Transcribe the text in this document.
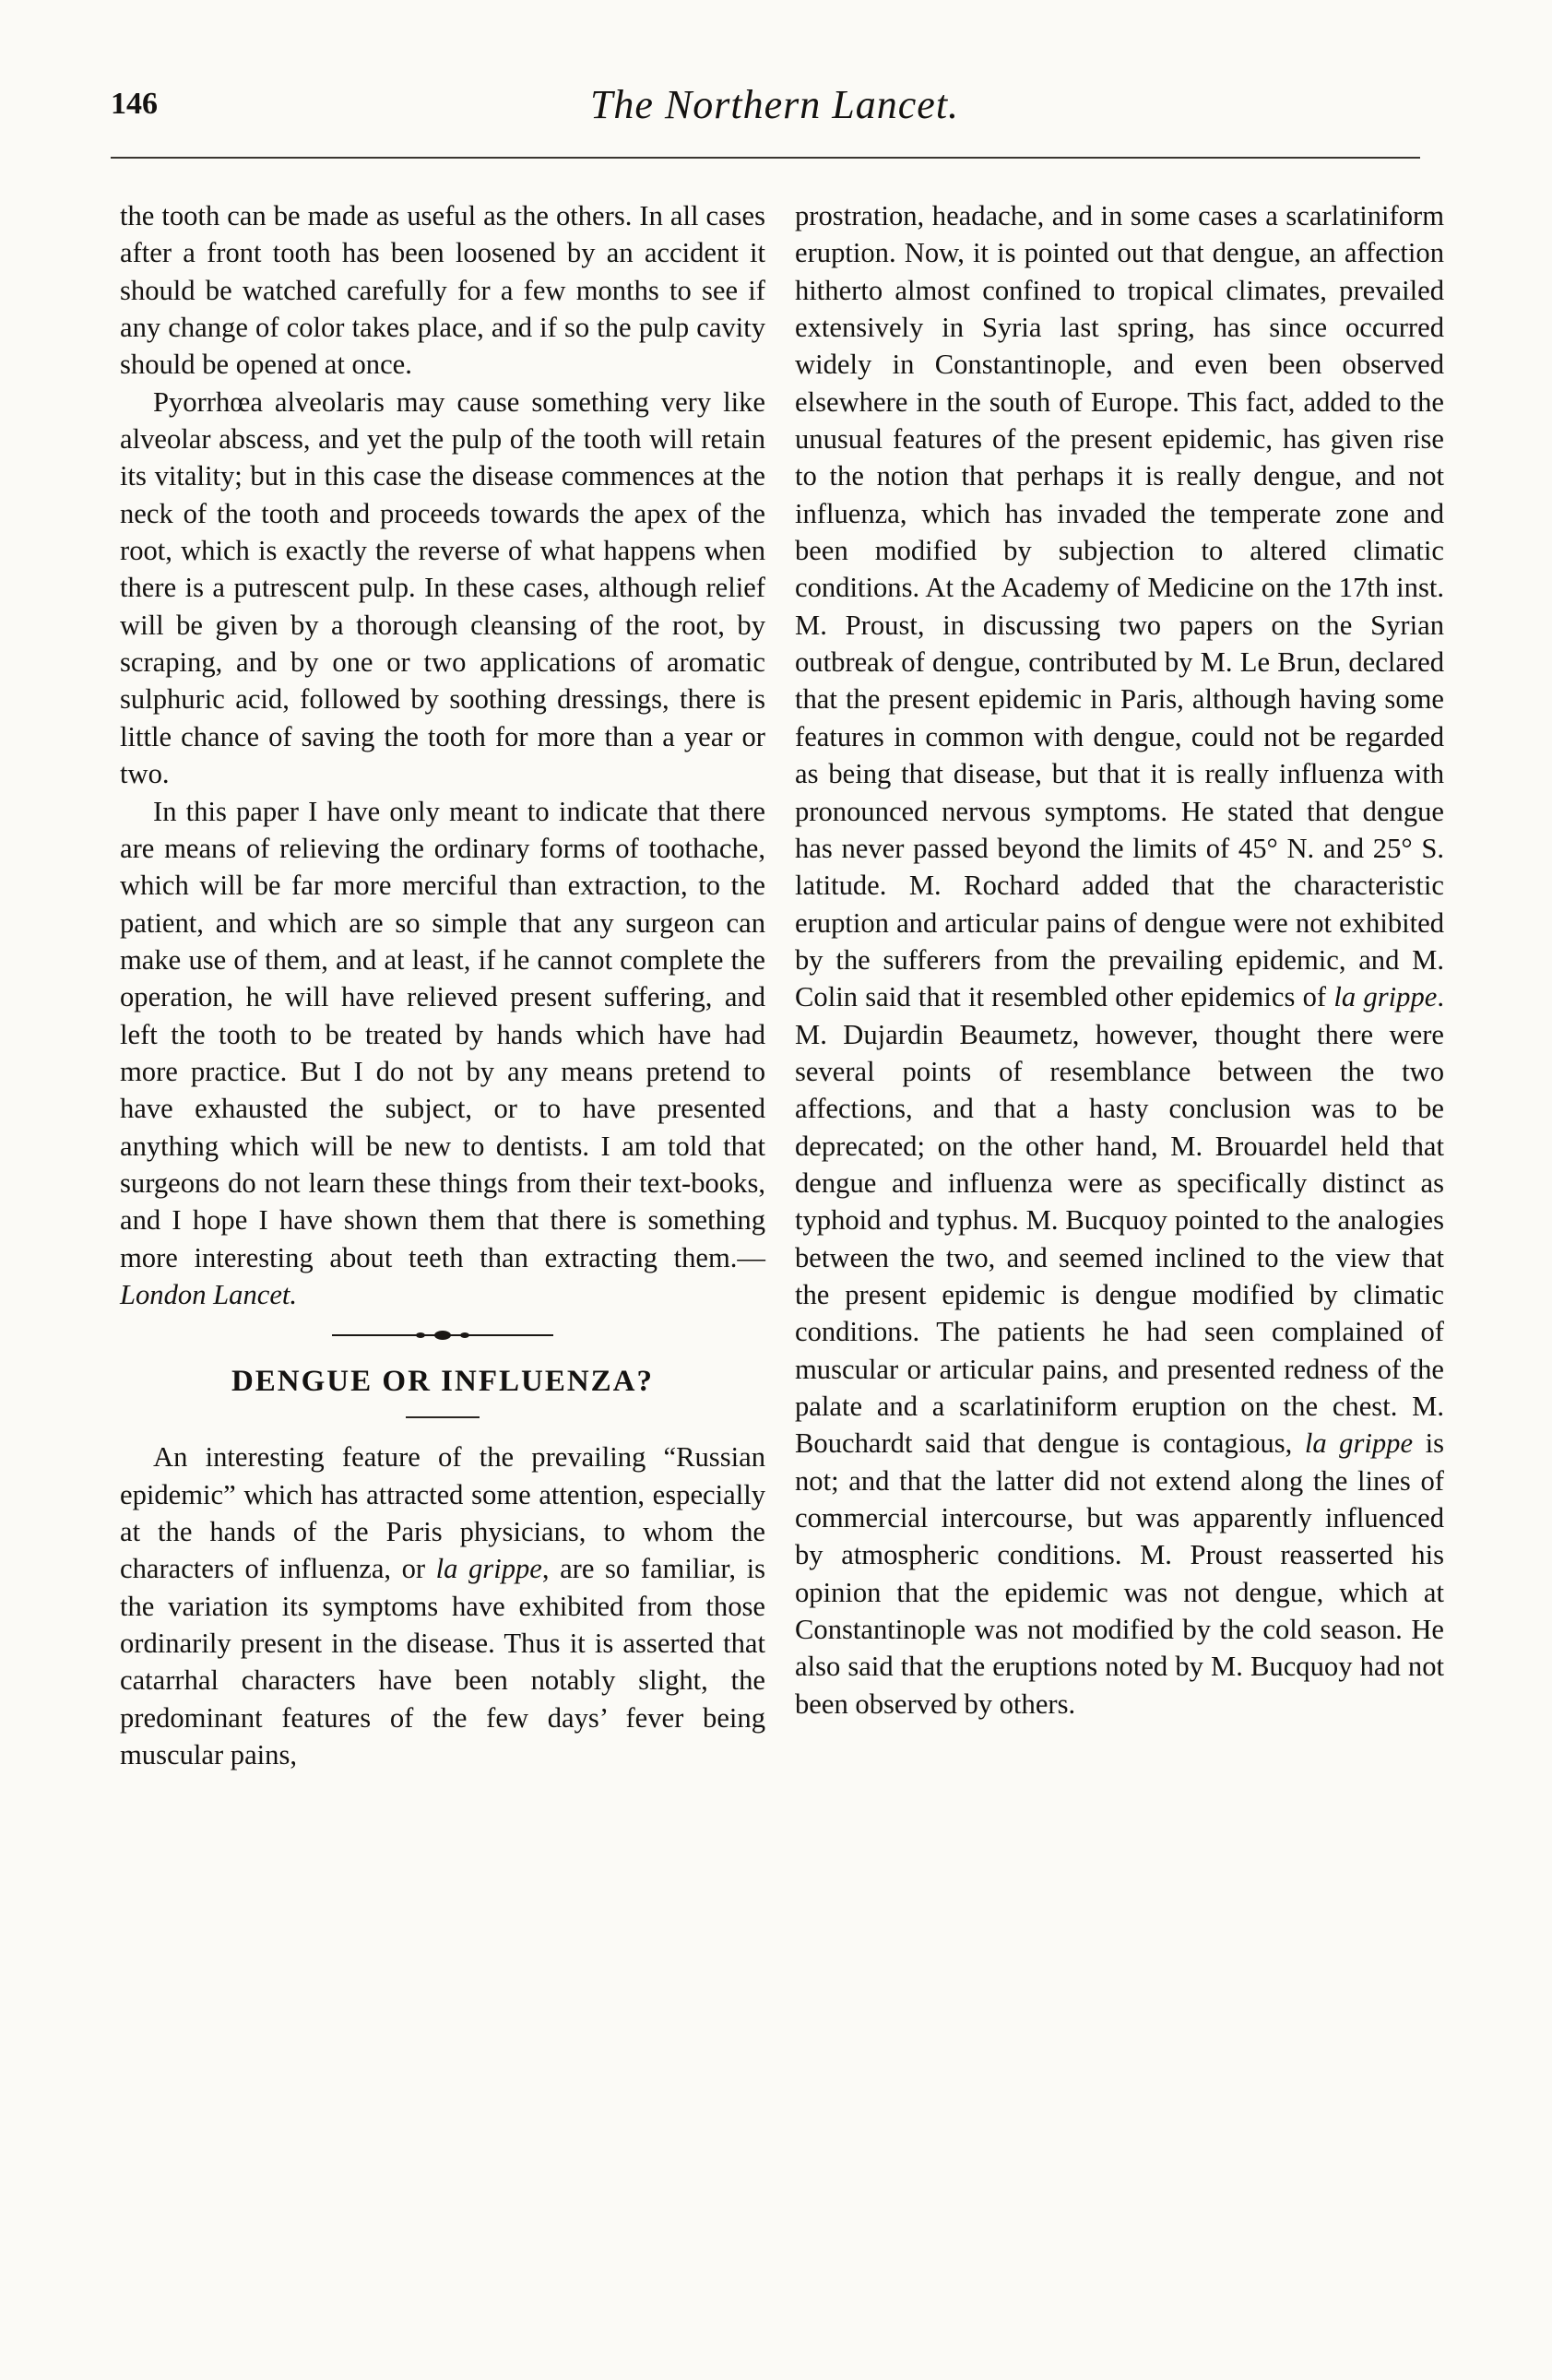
146	The Northern Lancet.

the tooth can be made as useful as the others. In all cases after a front tooth has been loosened by an accident it should be watched carefully for a few months to see if any change of color takes place, and if so the pulp cavity should be opened at once.

Pyorrhœa alveolaris may cause something very like alveolar abscess, and yet the pulp of the tooth will retain its vitality; but in this case the disease commences at the neck of the tooth and proceeds towards the apex of the root, which is exactly the reverse of what happens when there is a putrescent pulp. In these cases, although relief will be given by a thorough cleansing of the root, by scraping, and by one or two applications of aromatic sulphuric acid, followed by soothing dressings, there is little chance of saving the tooth for more than a year or two.

In this paper I have only meant to indicate that there are means of relieving the ordinary forms of toothache, which will be far more merciful than extraction, to the patient, and which are so simple that any surgeon can make use of them, and at least, if he cannot complete the operation, he will have relieved present suffering, and left the tooth to be treated by hands which have had more practice. But I do not by any means pretend to have exhausted the subject, or to have presented anything which will be new to dentists. I am told that surgeons do not learn these things from their text-books, and I hope I have shown them that there is something more interesting about teeth than extracting them.—London Lancet.

DENGUE OR INFLUENZA?

An interesting feature of the prevailing “Russian epidemic” which has attracted some attention, especially at the hands of the Paris physicians, to whom the characters of influenza, or la grippe, are so familiar, is the variation its symptoms have exhibited from those ordinarily present in the disease. Thus it is asserted that catarrhal characters have been notably slight, the predominant features of the few days’ fever being muscular pains,

prostration, headache, and in some cases a scarlatiniform eruption. Now, it is pointed out that dengue, an affection hitherto almost confined to tropical climates, prevailed extensively in Syria last spring, has since occurred widely in Constantinople, and even been observed elsewhere in the south of Europe. This fact, added to the unusual features of the present epidemic, has given rise to the notion that perhaps it is really dengue, and not influenza, which has invaded the temperate zone and been modified by subjection to altered climatic conditions. At the Academy of Medicine on the 17th inst. M. Proust, in discussing two papers on the Syrian outbreak of dengue, contributed by M. Le Brun, declared that the present epidemic in Paris, although having some features in common with dengue, could not be regarded as being that disease, but that it is really influenza with pronounced nervous symptoms. He stated that dengue has never passed beyond the limits of 45° N. and 25° S. latitude. M. Rochard added that the characteristic eruption and articular pains of dengue were not exhibited by the sufferers from the prevailing epidemic, and M. Colin said that it resembled other epidemics of la grippe. M. Dujardin Beaumetz, however, thought there were several points of resemblance between the two affections, and that a hasty conclusion was to be deprecated; on the other hand, M. Brouardel held that dengue and influenza were as specifically distinct as typhoid and typhus. M. Bucquoy pointed to the analogies between the two, and seemed inclined to the view that the present epidemic is dengue modified by climatic conditions. The patients he had seen complained of muscular or articular pains, and presented redness of the palate and a scarlatiniform eruption on the chest. M. Bouchardt said that dengue is contagious, la grippe is not; and that the latter did not extend along the lines of commercial intercourse, but was apparently influenced by atmospheric conditions. M. Proust reasserted his opinion that the epidemic was not dengue, which at Constantinople was not modified by the cold season. He also said that the eruptions noted by M. Bucquoy had not been observed by others.
